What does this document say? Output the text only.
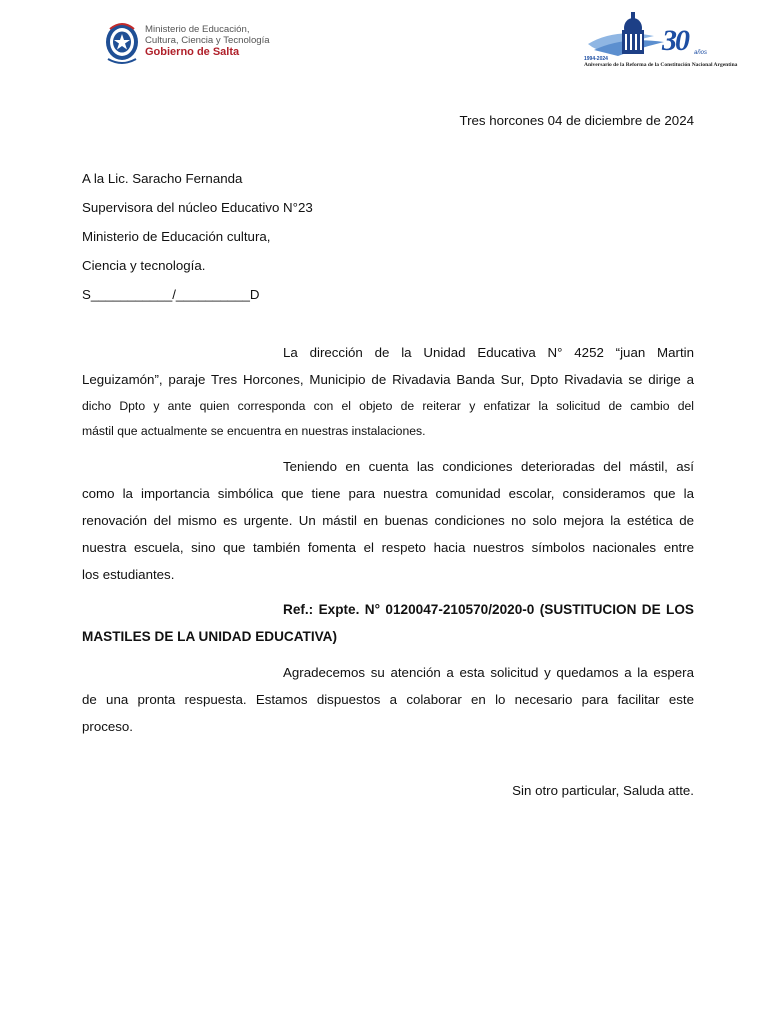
Ministerio de Educación,
Cultura, Ciencia y Tecnología
Gobierno de Salta	30 años
1994-2024
Aniversario de la Reforma de la Constitución Nacional Argentina
Tres horcones 04 de diciembre de 2024
A la Lic. Saracho Fernanda
Supervisora del núcleo Educativo N°23
Ministerio de Educación cultura,
Ciencia y tecnología.
S___________/__________D
La dirección de la Unidad Educativa N° 4252 “juan Martin
Leguizamón”, paraje Tres Horcones, Municipio de Rivadavia Banda Sur, Dpto Rivadavia se dirige a
dicho Dpto y ante quien corresponda con el objeto de reiterar y enfatizar la solicitud de cambio del
mástil que actualmente se encuentra en nuestras instalaciones.
Teniendo en cuenta las condiciones deterioradas del mástil, así
como la importancia simbólica que tiene para nuestra comunidad escolar, consideramos que la
renovación del mismo es urgente. Un mástil en buenas condiciones no solo mejora la estética de
nuestra escuela, sino que también fomenta el respeto hacia nuestros símbolos nacionales entre
los estudiantes.
Ref.: Expte. N° 0120047-210570/2020-0 (SUSTITUCION DE LOS
MASTILES DE LA UNIDAD EDUCATIVA)
Agradecemos su atención a esta solicitud y quedamos a la espera
de una pronta respuesta. Estamos dispuestos a colaborar en lo necesario para facilitar este
proceso.
Sin otro particular, Saluda atte.
